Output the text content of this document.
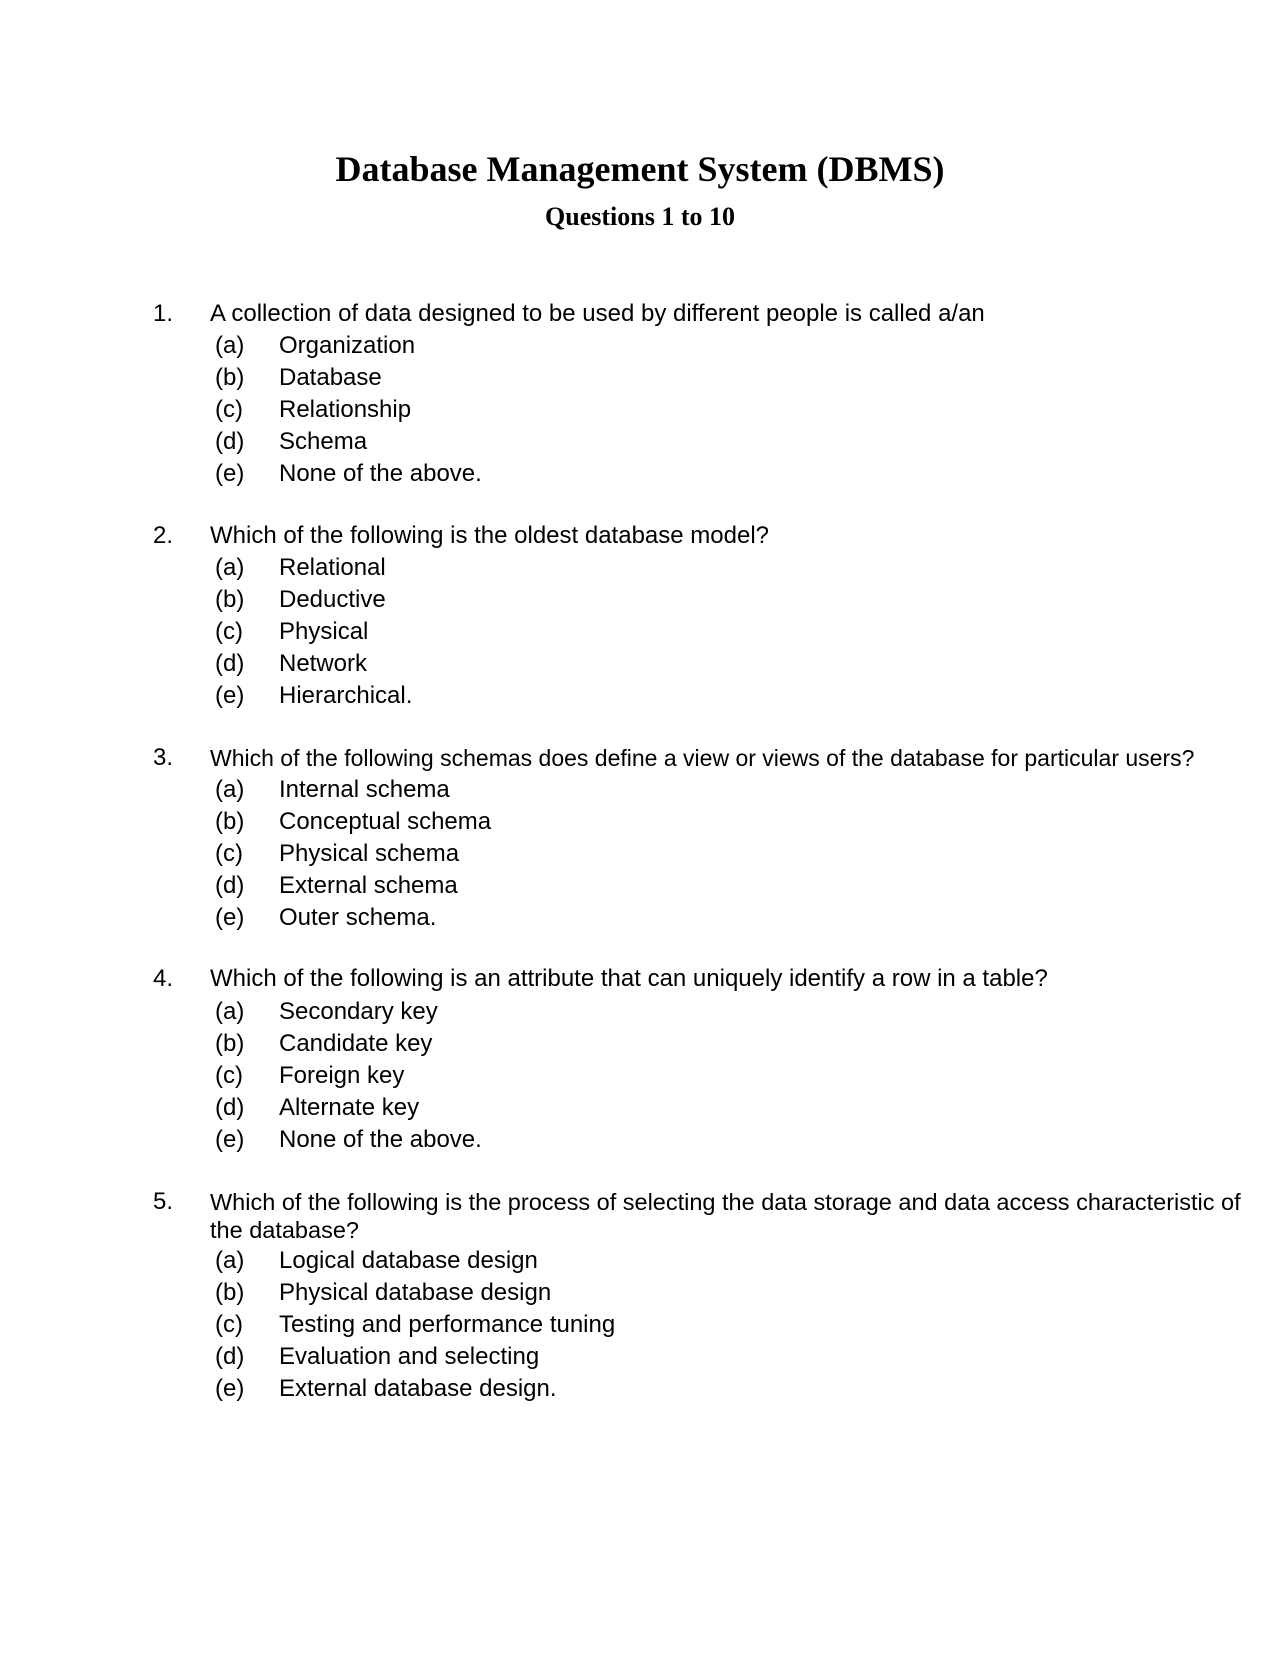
Database Management System (DBMS)
Questions 1 to 10
1. A collection of data designed to be used by different people is called a/an
(a) Organization
(b) Database
(c) Relationship
(d) Schema
(e) None of the above.
2. Which of the following is the oldest database model?
(a) Relational
(b) Deductive
(c) Physical
(d) Network
(e) Hierarchical.
3. Which of the following schemas does define a view or views of the database for particular users?
(a) Internal schema
(b) Conceptual schema
(c) Physical schema
(d) External schema
(e) Outer schema.
4. Which of the following is an attribute that can uniquely identify a row in a table?
(a) Secondary key
(b) Candidate key
(c) Foreign key
(d) Alternate key
(e) None of the above.
5. Which of the following is the process of selecting the data storage and data access characteristic of the database?
(a) Logical database design
(b) Physical database design
(c) Testing and performance tuning
(d) Evaluation and selecting
(e) External database design.
